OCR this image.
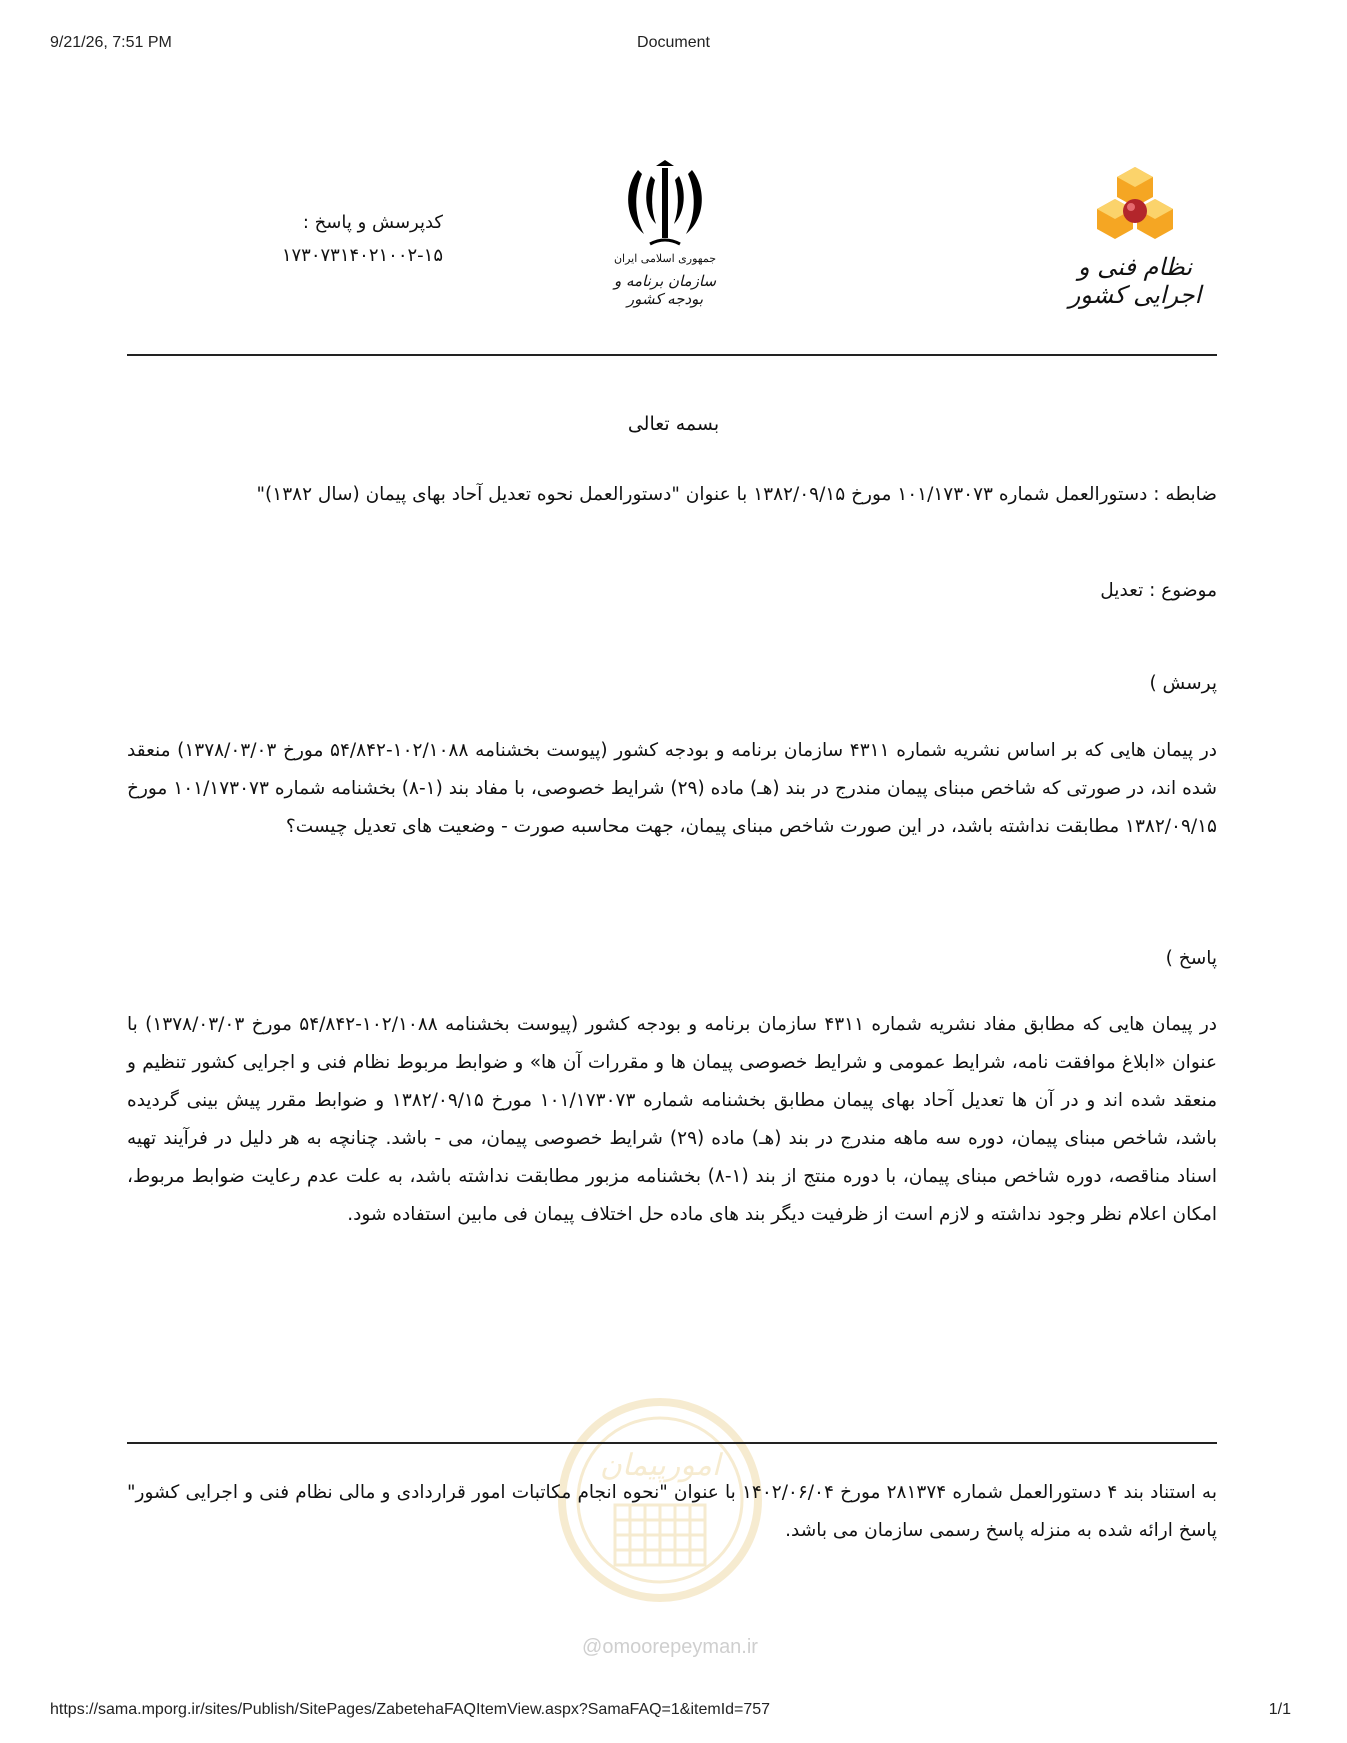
9/21/26, 7:51 PM	Document
کدپرسش و پاسخ :
۱۷۳۰۷۳۱۴۰۲۱۰۰۲-۱۵	جمهوری اسلامی ایران
سازمان برنامه و بودجه کشور
نظام فنی و اجرایی کشور
بسمه تعالی
ضابطه : دستورالعمل شماره ۱۰۱/۱۷۳۰۷۳ مورخ ۱۳۸۲/۰۹/۱۵ با عنوان "دستورالعمل نحوه تعدیل آحاد بهای پیمان (سال ۱۳۸۲)"
موضوع : تعدیل
پرسش )
در پیمان هایی که بر اساس نشریه شماره ۴۳۱۱ سازمان برنامه و بودجه کشور (پیوست بخشنامه ۱۰۲/۱۰۸۸-۵۴/۸۴۲ مورخ ۱۳۷۸/۰۳/۰۳) منعقد شده اند، در صورتی که شاخص مبنای پیمان مندرج در بند (هـ) ماده (۲۹) شرایط خصوصی، با مفاد بند (۱-۸) بخشنامه شماره ۱۰۱/۱۷۳۰۷۳ مورخ ۱۳۸۲/۰۹/۱۵ مطابقت نداشته باشد، در این صورت شاخص مبنای پیمان، جهت محاسبه صورت - وضعیت های تعدیل چیست؟
پاسخ )
در پیمان هایی که مطابق مفاد نشریه شماره ۴۳۱۱ سازمان برنامه و بودجه کشور (پیوست بخشنامه ۱۰۲/۱۰۸۸-۵۴/۸۴۲ مورخ ۱۳۷۸/۰۳/۰۳) با عنوان «ابلاغ موافقت نامه، شرایط عمومی و شرایط خصوصی پیمان ها و مقررات آن ها» و ضوابط مربوط نظام فنی و اجرایی کشور تنظیم و منعقد شده اند و در آن ها تعدیل آحاد بهای پیمان مطابق بخشنامه شماره ۱۰۱/۱۷۳۰۷۳ مورخ ۱۳۸۲/۰۹/۱۵ و ضوابط مقرر پیش بینی گردیده باشد، شاخص مبنای پیمان، دوره سه ماهه مندرج در بند (هـ) ماده (۲۹) شرایط خصوصی پیمان، می - باشد. چنانچه به هر دلیل در فرآیند تهیه اسناد مناقصه، دوره شاخص مبنای پیمان، با دوره منتج از بند (۱-۸) بخشنامه مزبور مطابقت نداشته باشد، به علت عدم رعایت ضوابط مربوط، امکان اعلام نظر وجود نداشته و لازم است از ظرفیت دیگر بند های ماده حل اختلاف پیمان فی مابین استفاده شود.
امورپیمان
به استناد بند ۴ دستورالعمل شماره ۲۸۱۳۷۴ مورخ ۱۴۰۲/۰۶/۰۴ با عنوان "نحوه انجام مکاتبات امور قراردادی و مالی نظام فنی و اجرایی کشور" پاسخ ارائه شده به منزله پاسخ رسمی سازمان می باشد.
@omoorepeyman.ir
https://sama.mporg.ir/sites/Publish/SitePages/ZabetehaFAQItemView.aspx?SamaFAQ=1&itemId=757	1/1
